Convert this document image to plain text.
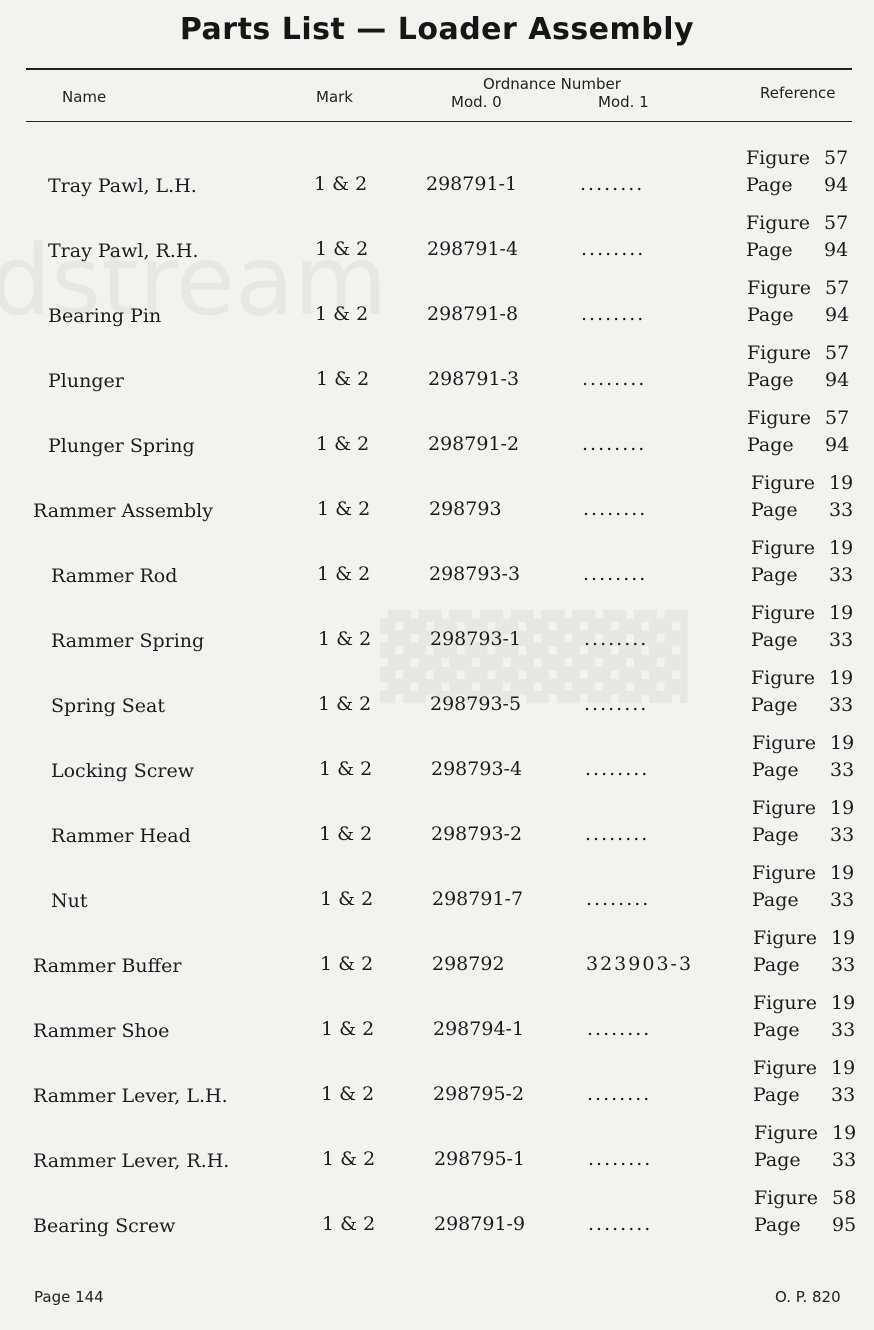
Parts List — Loader Assembly
Name	Mark
Ordnance Number
Mod. 0	Mod. 1	Reference
Tray Pawl, L.H.	1 & 2	298791-1	........
Figure 57
Page 94
Tray Pawl, R.H.	1 & 2	298791-4	........
Figure 57
Page 94
Bearing Pin	1 & 2	298791-8	........
Figure 57
Page 94
Plunger	1 & 2	298791-3	........
Figure 57
Page 94
Plunger Spring	1 & 2	298791-2	........
Figure 57
Page 94
Rammer Assembly	1 & 2	298793	........
Figure 19
Page 33
Rammer Rod	1 & 2	298793-3	........
Figure 19
Page 33
Rammer Spring	1 & 2	298793-1	........
Figure 19
Page 33
Spring Seat	1 & 2	298793-5	........
Figure 19
Page 33
Locking Screw	1 & 2	298793-4	........
Figure 19
Page 33
Rammer Head	1 & 2	298793-2	........
Figure 19
Page 33
Nut	1 & 2	298791-7	........
Figure 19
Page 33
Rammer Buffer	1 & 2	298792	323903-3
Figure 19
Page 33
Rammer Shoe	1 & 2	298794-1	........
Figure 19
Page 33
Rammer Lever, L.H.	1 & 2	298795-2	........
Figure 19
Page 33
Rammer Lever, R.H.	1 & 2	298795-1	........
Figure 19
Page 33
Bearing Screw	1 & 2	298791-9	........
Figure 58
Page 95
Page 144	O. P. 820
